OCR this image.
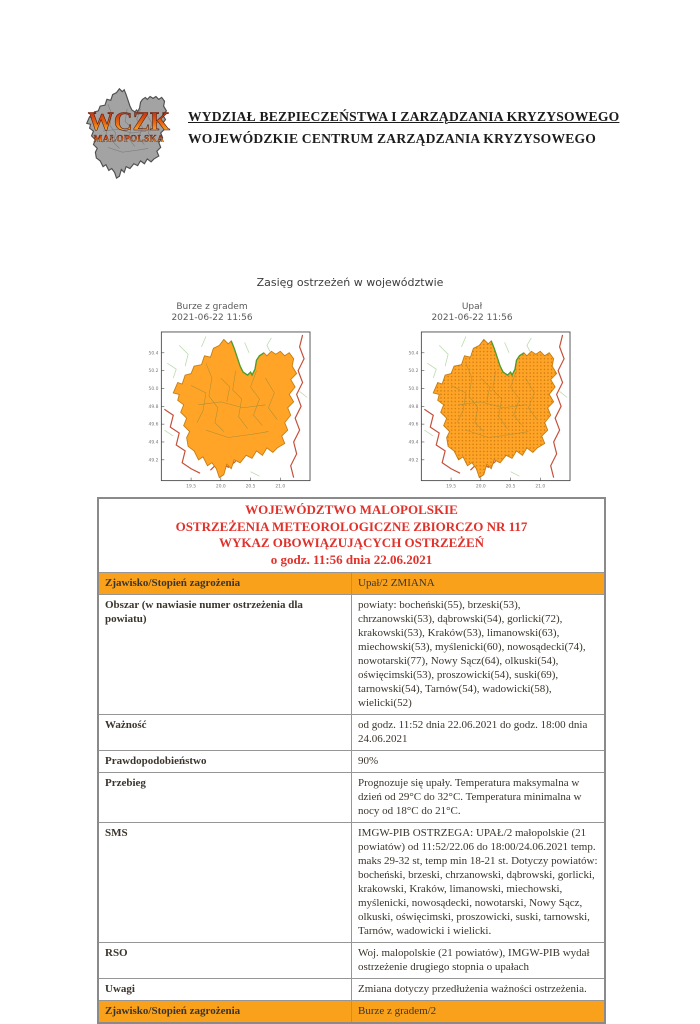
WCZK
MAŁOPOLSKA
WYDZIAŁ BEZPIECZEŃSTWA I ZARZĄDZANIA KRYZYSOWEGO
WOJEWÓDZKIE CENTRUM ZARZĄDZANIA KRYZYSOWEGO
Zasięg ostrzeżeń w województwie
Burze z gradem
2021-06-22 11:56
Upał
2021-06-22 11:56
50.4
50.2
50.0
49.8
49.6
49.4
49.2
19.5	20.0	20.5	21.0
50.4
50.2
50.0
49.8
49.6
49.4
49.2
19.5	20.0	20.5	21.0
WOJEWÓDZTWO MALOPOLSKIE
OSTRZEŻENIA METEOROLOGICZNE ZBIORCZO NR 117
WYKAZ OBOWIĄZUJĄCYCH OSTRZEŻEŃ
o godz. 11:56 dnia 22.06.2021	

Zjawisko/Stopień zagrożenia	Upał/2 ZMIANA
Obszar (w nawiasie numer ostrzeżenia dla powiatu)	powiaty: bocheński(55), brzeski(53), chrzanowski(53), dąbrowski(54), gorlicki(72), krakowski(53), Kraków(53), limanowski(63), miechowski(53), myślenicki(60), nowosądecki(74), nowotarski(77), Nowy Sącz(64), olkuski(54), oświęcimski(53), proszowicki(54), suski(69), tarnowski(54), Tarnów(54), wadowicki(58), wielicki(52)
Ważność	od godz. 11:52 dnia 22.06.2021 do godz. 18:00 dnia 24.06.2021
Prawdopodobieństwo	90%
Przebieg	Prognozuje się upały. Temperatura maksymalna w dzień od 29°C do 32°C. Temperatura minimalna w nocy od 18°C do 21°C.
SMS	IMGW-PIB OSTRZEGA: UPAŁ/2 małopolskie (21 powiatów) od 11:52/22.06 do 18:00/24.06.2021 temp. maks 29-32 st, temp min 18-21 st. Dotyczy powiatów: bocheński, brzeski, chrzanowski, dąbrowski, gorlicki, krakowski, Kraków, limanowski, miechowski, myślenicki, nowosądecki, nowotarski, Nowy Sącz, olkuski, oświęcimski, proszowicki, suski, tarnowski, Tarnów, wadowicki i wielicki.
RSO	Woj. malopolskie (21 powiatów), IMGW-PIB wydał ostrzeżenie drugiego stopnia o upałach
Uwagi	Zmiana dotyczy przedłużenia ważności ostrzeżenia.
Zjawisko/Stopień zagrożenia	Burze z gradem/2
